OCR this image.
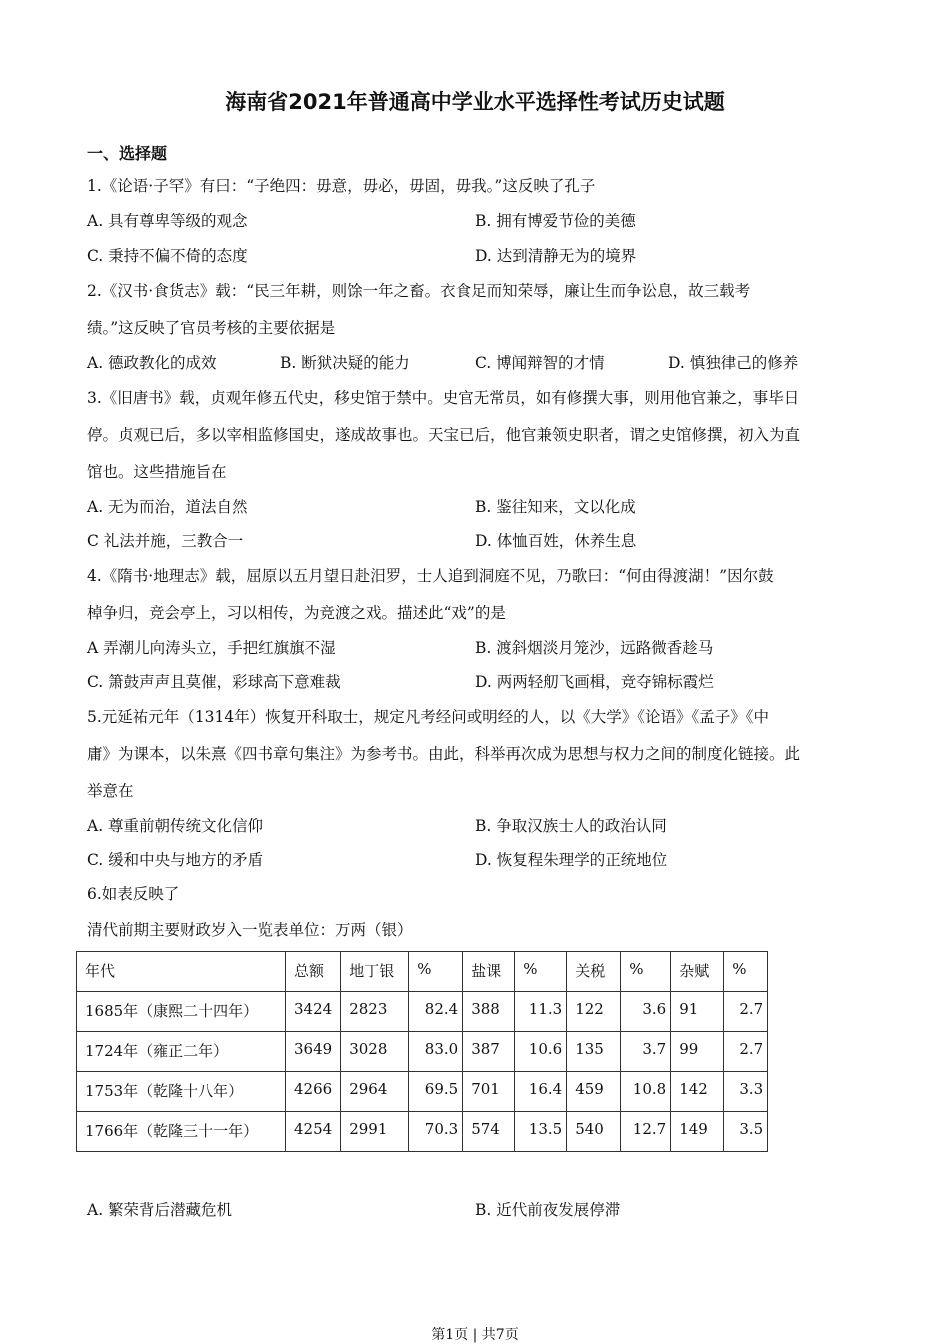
海南省2021年普通高中学业水平选择性考试历史试题
一、选择题
1.《论语·子罕》有曰：“子绝四：毋意，毋必，毋固，毋我。”这反映了孔子
A. 具有尊卑等级的观念	B. 拥有博爱节俭的美德
C. 秉持不偏不倚的态度	D. 达到清静无为的境界
2.《汉书·食货志》载：“民三年耕，则馀一年之畜。衣食足而知荣辱，廉让生而争讼息，故三载考
绩。”这反映了官员考核的主要依据是
A. 德政教化的成效	B. 断狱决疑的能力	C. 博闻辩智的才情	D. 慎独律己的修养
3.《旧唐书》载，贞观年修五代史，移史馆于禁中。史官无常员，如有修撰大事，则用他官兼之，事毕日
停。贞观已后，多以宰相监修国史，遂成故事也。天宝已后，他官兼领史职者，谓之史馆修撰，初入为直
馆也。这些措施旨在
A. 无为而治，道法自然	B. 鉴往知来，文以化成
C 礼法并施，三教合一	D. 体恤百姓，休养生息
4.《隋书·地理志》载，屈原以五月望日赴汨罗，士人追到洞庭不见，乃歌曰：“何由得渡湖！”因尔鼓
棹争归，竞会亭上，习以相传，为竞渡之戏。描述此“戏”的是
A 弄潮儿向涛头立，手把红旗旗不湿	B. 渡斜烟淡月笼沙，远路微香趁马
C. 箫鼓声声且莫催，彩球高下意难裁	D. 两两轻舠飞画楫，竞夺锦标霞烂
5.元延祐元年（1314年）恢复开科取士，规定凡考经问或明经的人，以《大学》《论语》《孟子》《中
庸》为课本，以朱熹《四书章句集注》为参考书。由此，科举再次成为思想与权力之间的制度化链接。此
举意在
A. 尊重前朝传统文化信仰	B. 争取汉族士人的政治认同
C. 缓和中央与地方的矛盾	D. 恢复程朱理学的正统地位
6.如表反映了
清代前期主要财政岁入一览表单位：万两（银）
年代	总额	地丁银	%	盐课	%	关税	%	杂赋	%
1685年（康熙二十四年）	3424	2823	82.4	388	11.3	122	3.6	91	2.7
1724年（雍正二年）	3649	3028	83.0	387	10.6	135	3.7	99	2.7
1753年（乾隆十八年）	4266	2964	69.5	701	16.4	459	10.8	142	3.3
1766年（乾隆三十一年）	4254	2991	70.3	574	13.5	540	12.7	149	3.5
A. 繁荣背后潜藏危机	B. 近代前夜发展停滞
第1页 | 共7页
